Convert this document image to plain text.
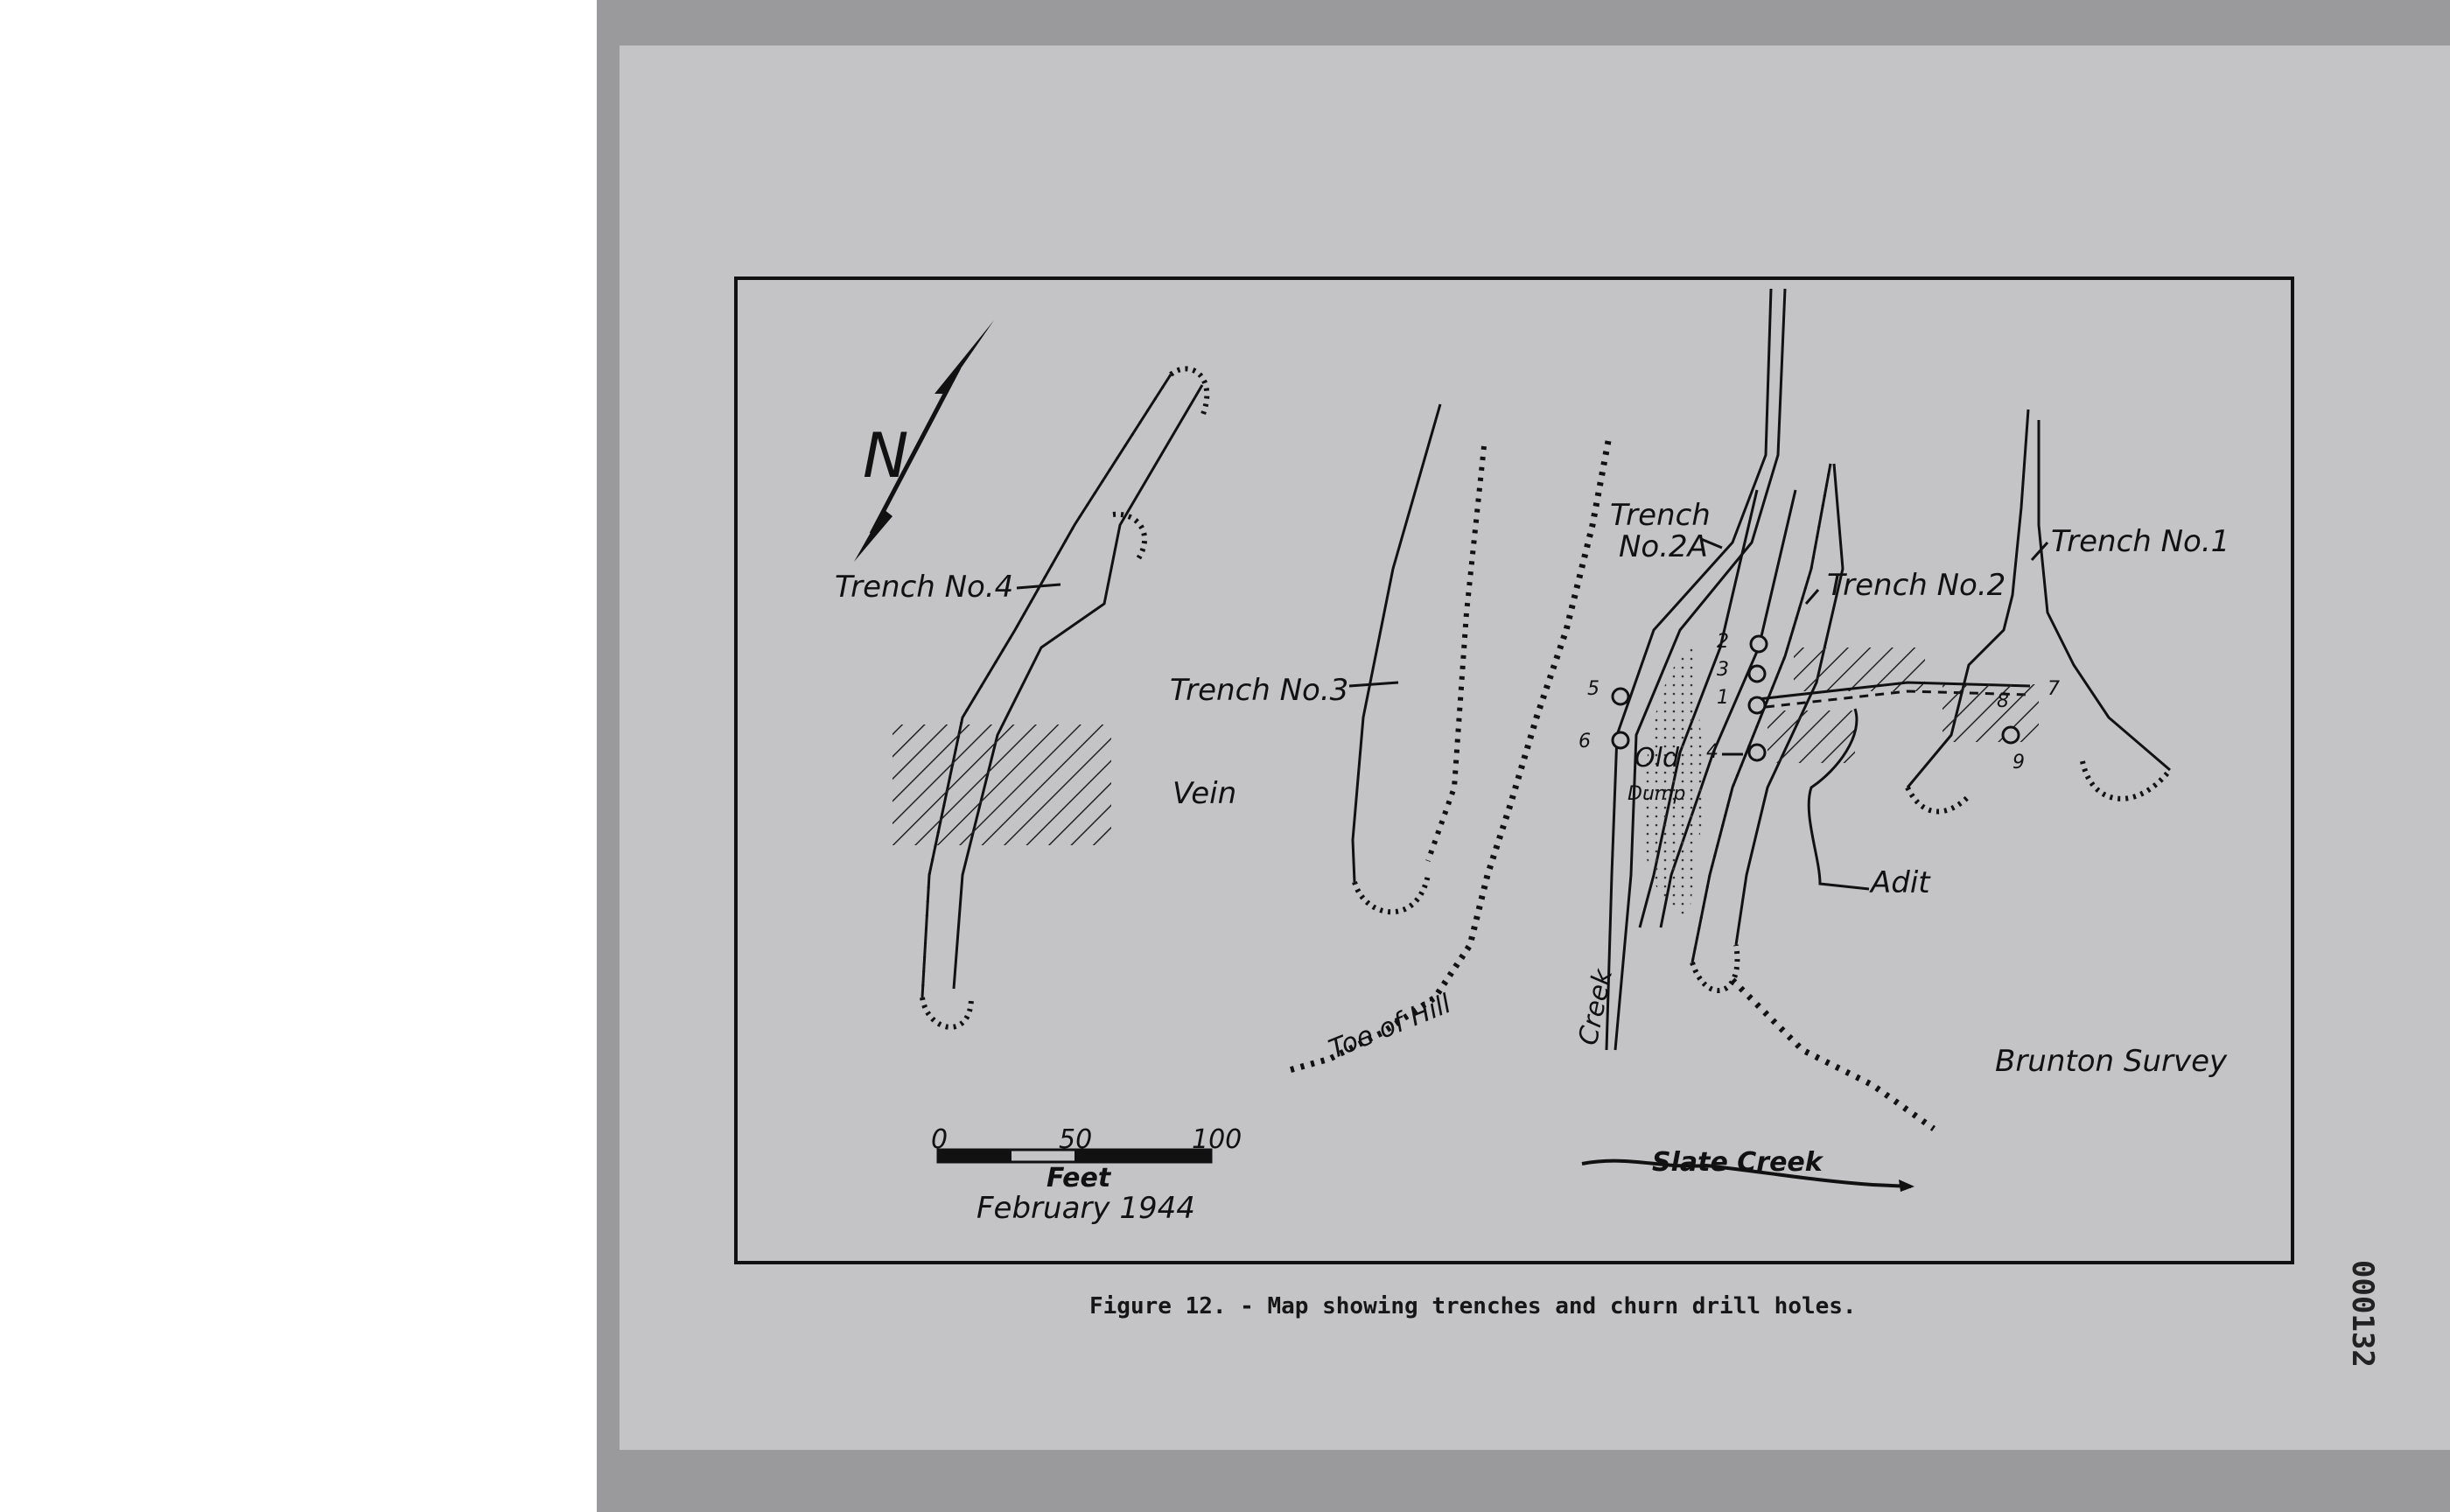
N
1
2
3
4
5
6
7
8
9
Trench No.4
Vein
Trench No.3
Trench
No.2A
Trench No.2
Trench No.1
Old
Dump
Adit
Creek
Toe of Hill	Brunton Survey
Slate Creek
0	50	100
Feet
February 1944
Figure 12. - Map showing trenches and churn drill holes.	000132
